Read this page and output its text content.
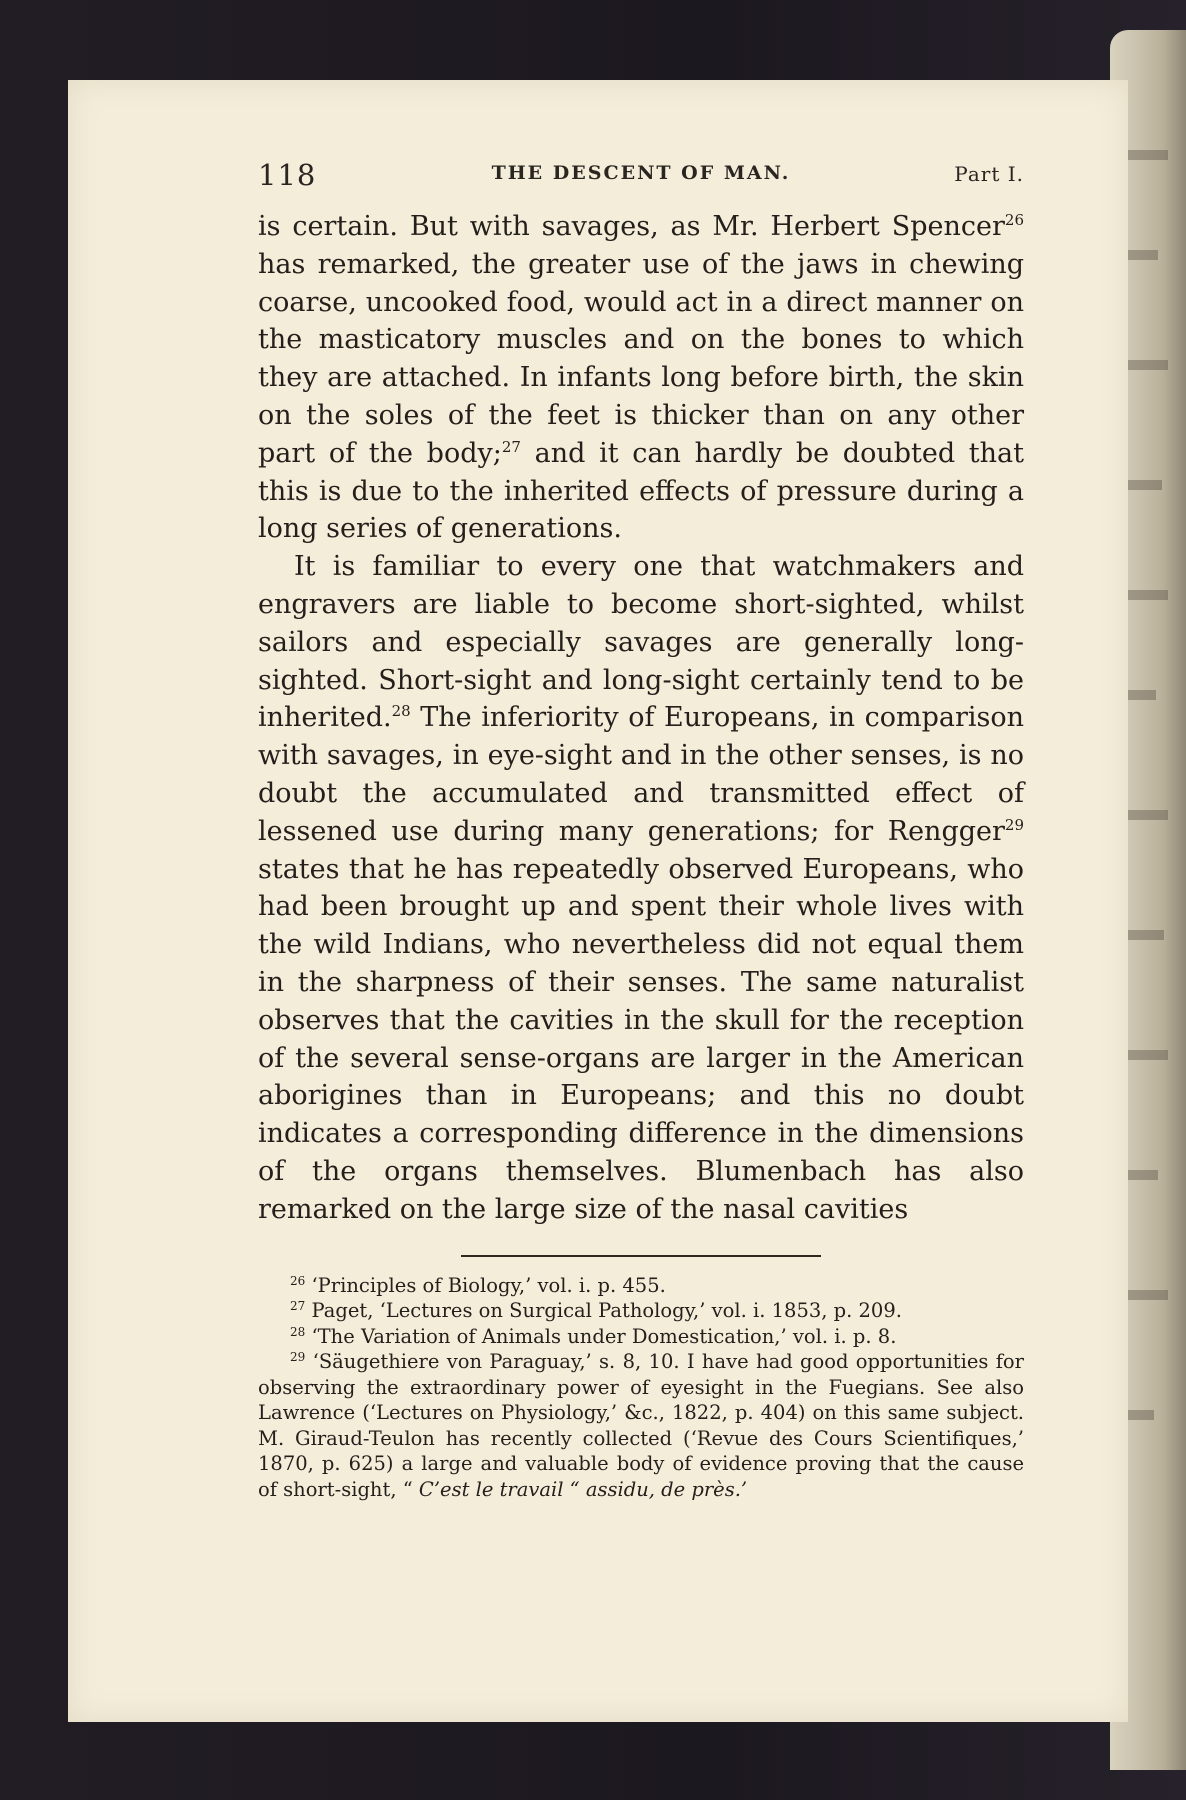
118	THE DESCENT OF MAN.	Part I.

is certain. But with savages, as Mr. Herbert Spencer$^{26}$ has remarked, the greater use of the jaws in chewing coarse, uncooked food, would act in a direct manner on the masticatory muscles and on the bones to which they are attached. In infants long before birth, the skin on the soles of the feet is thicker than on any other part of the body;$^{27}$ and it can hardly be doubted that this is due to the inherited effects of pressure during a long series of generations.

It is familiar to every one that watchmakers and engravers are liable to become short-sighted, whilst sailors and especially savages are generally long-sighted. Short-sight and long-sight certainly tend to be inherited.$^{28}$ The inferiority of Europeans, in comparison with savages, in eye-sight and in the other senses, is no doubt the accumulated and transmitted effect of lessened use during many generations; for Rengger$^{29}$ states that he has repeatedly observed Europeans, who had been brought up and spent their whole lives with the wild Indians, who nevertheless did not equal them in the sharpness of their senses. The same naturalist observes that the cavities in the skull for the reception of the several sense-organs are larger in the American aborigines than in Europeans; and this no doubt indicates a corresponding difference in the dimensions of the organs themselves. Blumenbach has also remarked on the large size of the nasal cavities

$^{26}$ ‘Principles of Biology,’ vol. i. p. 455.

$^{27}$ Paget, ‘Lectures on Surgical Pathology,’ vol. i. 1853, p. 209.

$^{28}$ ‘The Variation of Animals under Domestication,’ vol. i. p. 8.

$^{29}$ ‘Säugethiere von Paraguay,’ s. 8, 10. I have had good opportunities for observing the extraordinary power of eyesight in the Fuegians. See also Lawrence (‘Lectures on Physiology,’ &c., 1822, p. 404) on this same subject. M. Giraud-Teulon has recently collected (‘Revue des Cours Scientifiques,’ 1870, p. 625) a large and valuable body of evidence proving that the cause of short-sight, “ C’est le travail “ assidu, de près.’
